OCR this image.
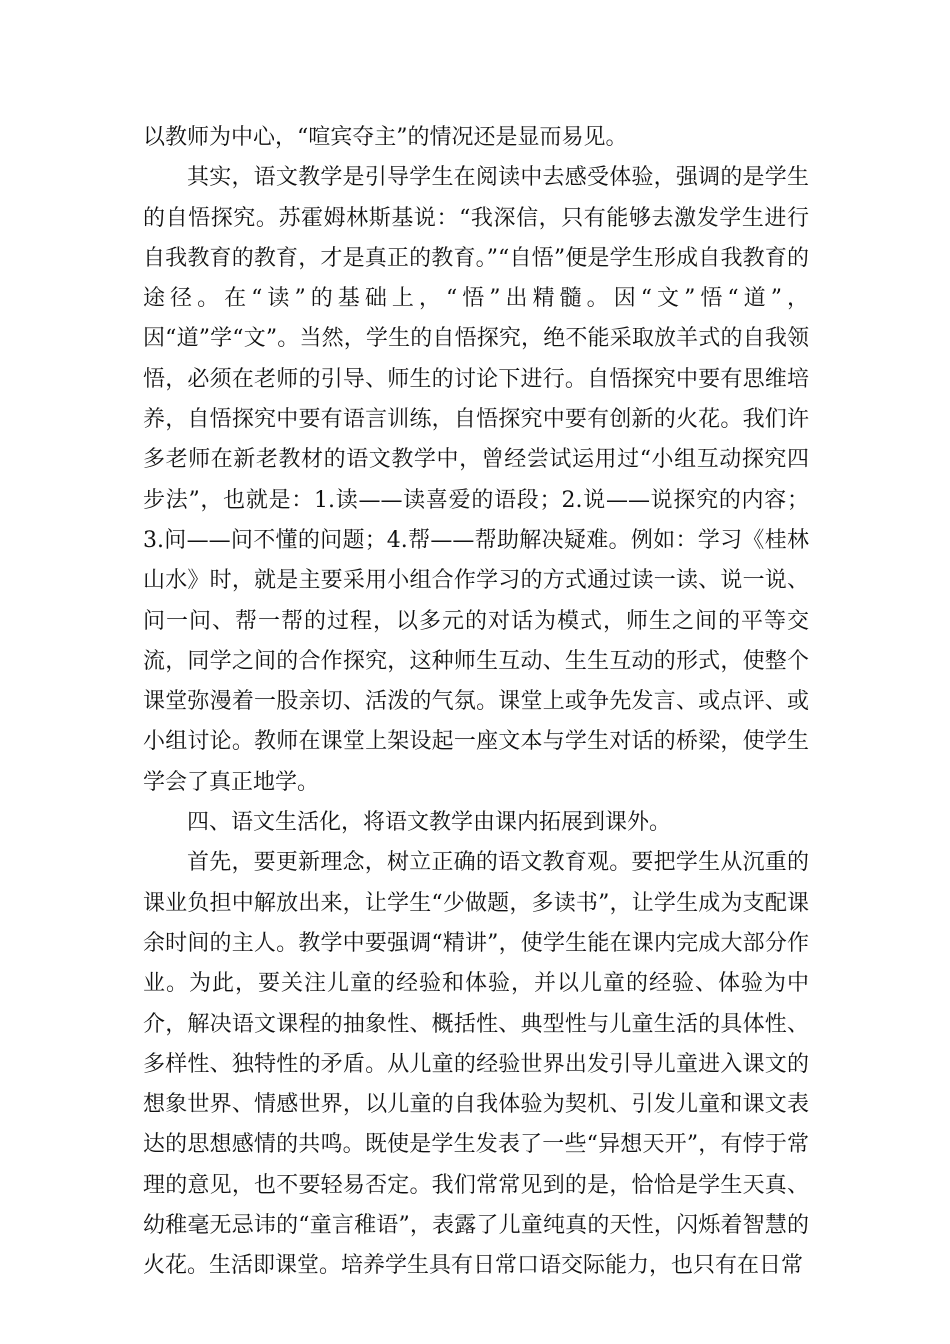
以教师为中心，“喧宾夺主”的情况还是显而易见。

其实，语文教学是引导学生在阅读中去感受体验，强调的是学生的自悟探究。苏霍姆林斯基说：“我深信，只有能够去激发学生进行自我教育的教育，才是真正的教育。”“自悟”便是学生形成自我教育的途径。在“读”的基础上，“悟”出精髓。因“文”悟“道”，因“道”学“文”。当然，学生的自悟探究，绝不能采取放羊式的自我领悟，必须在老师的引导、师生的讨论下进行。自悟探究中要有思维培养，自悟探究中要有语言训练，自悟探究中要有创新的火花。我们许多老师在新老教材的语文教学中，曾经尝试运用过“小组互动探究四步法”，也就是：1.读——读喜爱的语段；2.说——说探究的内容；3.问——问不懂的问题；4.帮——帮助解决疑难。例如：学习《桂林山水》时，就是主要采用小组合作学习的方式通过读一读、说一说、问一问、帮一帮的过程，以多元的对话为模式，师生之间的平等交流，同学之间的合作探究，这种师生互动、生生互动的形式，使整个课堂弥漫着一股亲切、活泼的气氛。课堂上或争先发言、或点评、或小组讨论。教师在课堂上架设起一座文本与学生对话的桥梁，使学生学会了真正地学。

四、语文生活化，将语文教学由课内拓展到课外。

首先，要更新理念，树立正确的语文教育观。要把学生从沉重的课业负担中解放出来，让学生“少做题，多读书”，让学生成为支配课余时间的主人。教学中要强调“精讲”，使学生能在课内完成大部分作业。为此，要关注儿童的经验和体验，并以儿童的经验、体验为中介，解决语文课程的抽象性、概括性、典型性与儿童生活的具体性、多样性、独特性的矛盾。从儿童的经验世界出发引导儿童进入课文的想象世界、情感世界，以儿童的自我体验为契机、引发儿童和课文表达的思想感情的共鸣。既使是学生发表了一些“异想天开”，有悖于常理的意见，也不要轻易否定。我们常常见到的是，恰恰是学生天真、幼稚毫无忌讳的“童言稚语”，表露了儿童纯真的天性，闪烁着智慧的火花。生活即课堂。培养学生具有日常口语交际能力，也只有在日常
